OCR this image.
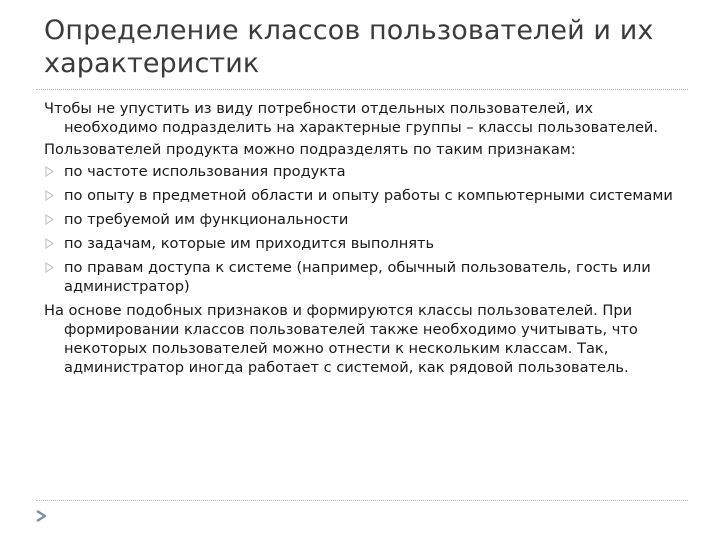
Определение классов пользователей и их характеристик

Чтобы не упустить из виду потребности отдельных пользователей, их необходимо подразделить на характерные группы – классы пользователей.

Пользователей продукта можно подразделять по таким признакам:

по частоте использования продукта
по опыту в предметной области и опыту работы с компьютерными системами
по требуемой им функциональности
по задачам, которые им приходится выполнять
по правам доступа к системе (например, обычный пользователь, гость или администратор)

На основе подобных признаков и формируются классы пользователей. При формировании классов пользователей также необходимо учитывать, что некоторых пользователей можно отнести к нескольким классам. Так, администратор иногда работает с системой, как рядовой пользователь.
